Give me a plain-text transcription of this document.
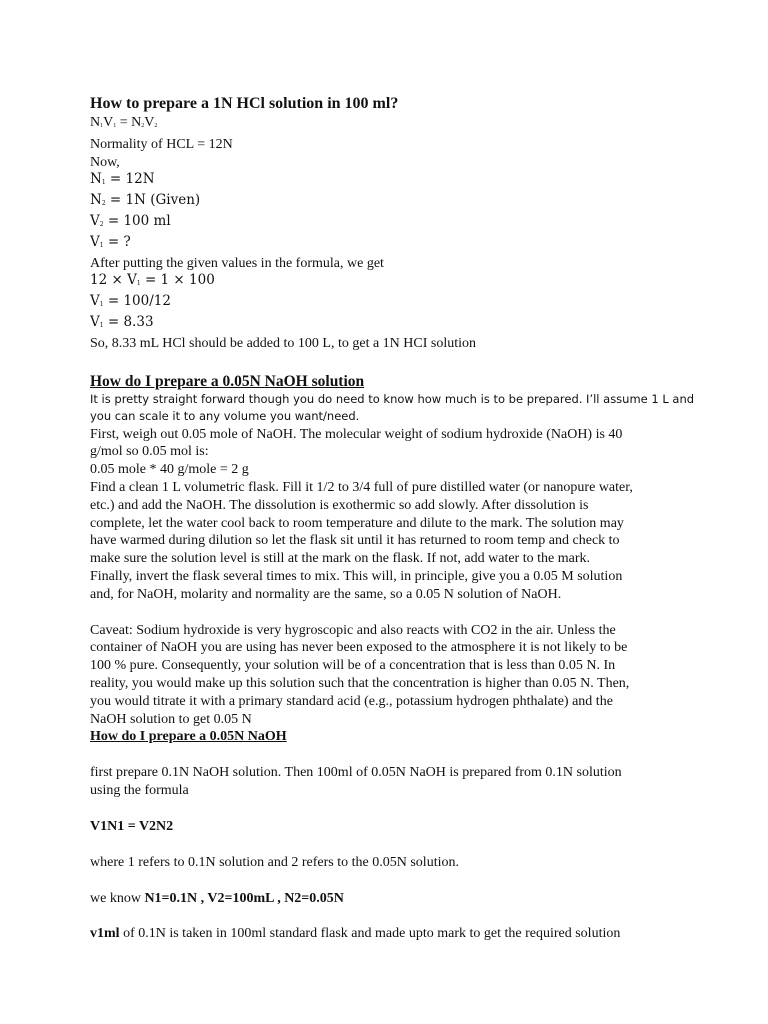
How to prepare a 1N HCl solution in 100 ml?
N1V1 = N2V2
Normality of HCL = 12N
Now,
N1 = 12N
N2 = 1N (Given)
V2 = 100 ml
V1 = ?
After putting the given values in the formula, we get
12 × V1 = 1 × 100
V1 = 100/12
V1 = 8.33
So, 8.33 mL HCl should be added to 100 L, to get a 1N HCI solution
How do I prepare a 0.05N NaOH solution
It is pretty straight forward though you do need to know how much is to be prepared. I’ll assume 1 L and
you can scale it to any volume you want/need.
First, weigh out 0.05 mole of NaOH. The molecular weight of sodium hydroxide (NaOH) is 40
g/mol so 0.05 mol is:
0.05 mole * 40 g/mole = 2 g
Find a clean 1 L volumetric flask. Fill it 1/2 to 3/4 full of pure distilled water (or nanopure water,
etc.) and add the NaOH. The dissolution is exothermic so add slowly. After dissolution is
complete, let the water cool back to room temperature and dilute to the mark. The solution may
have warmed during dilution so let the flask sit until it has returned to room temp and check to
make sure the solution level is still at the mark on the flask. If not, add water to the mark.
Finally, invert the flask several times to mix. This will, in principle, give you a 0.05 M solution
and, for NaOH, molarity and normality are the same, so a 0.05 N solution of NaOH.
Caveat: Sodium hydroxide is very hygroscopic and also reacts with CO2 in the air. Unless the
container of NaOH you are using has never been exposed to the atmosphere it is not likely to be
100 % pure. Consequently, your solution will be of a concentration that is less than 0.05 N. In
reality, you would make up this solution such that the concentration is higher than 0.05 N. Then,
you would titrate it with a primary standard acid (e.g., potassium hydrogen phthalate) and the
NaOH solution to get 0.05 N
How do I prepare a 0.05N NaOH
first prepare 0.1N NaOH solution. Then 100ml of 0.05N NaOH is prepared from 0.1N solution
using the formula
V1N1 = V2N2
where 1 refers to 0.1N solution and 2 refers to the 0.05N solution.
we know N1=0.1N , V2=100mL , N2=0.05N
v1ml of 0.1N is taken in 100ml standard flask and made upto mark to get the required solution
